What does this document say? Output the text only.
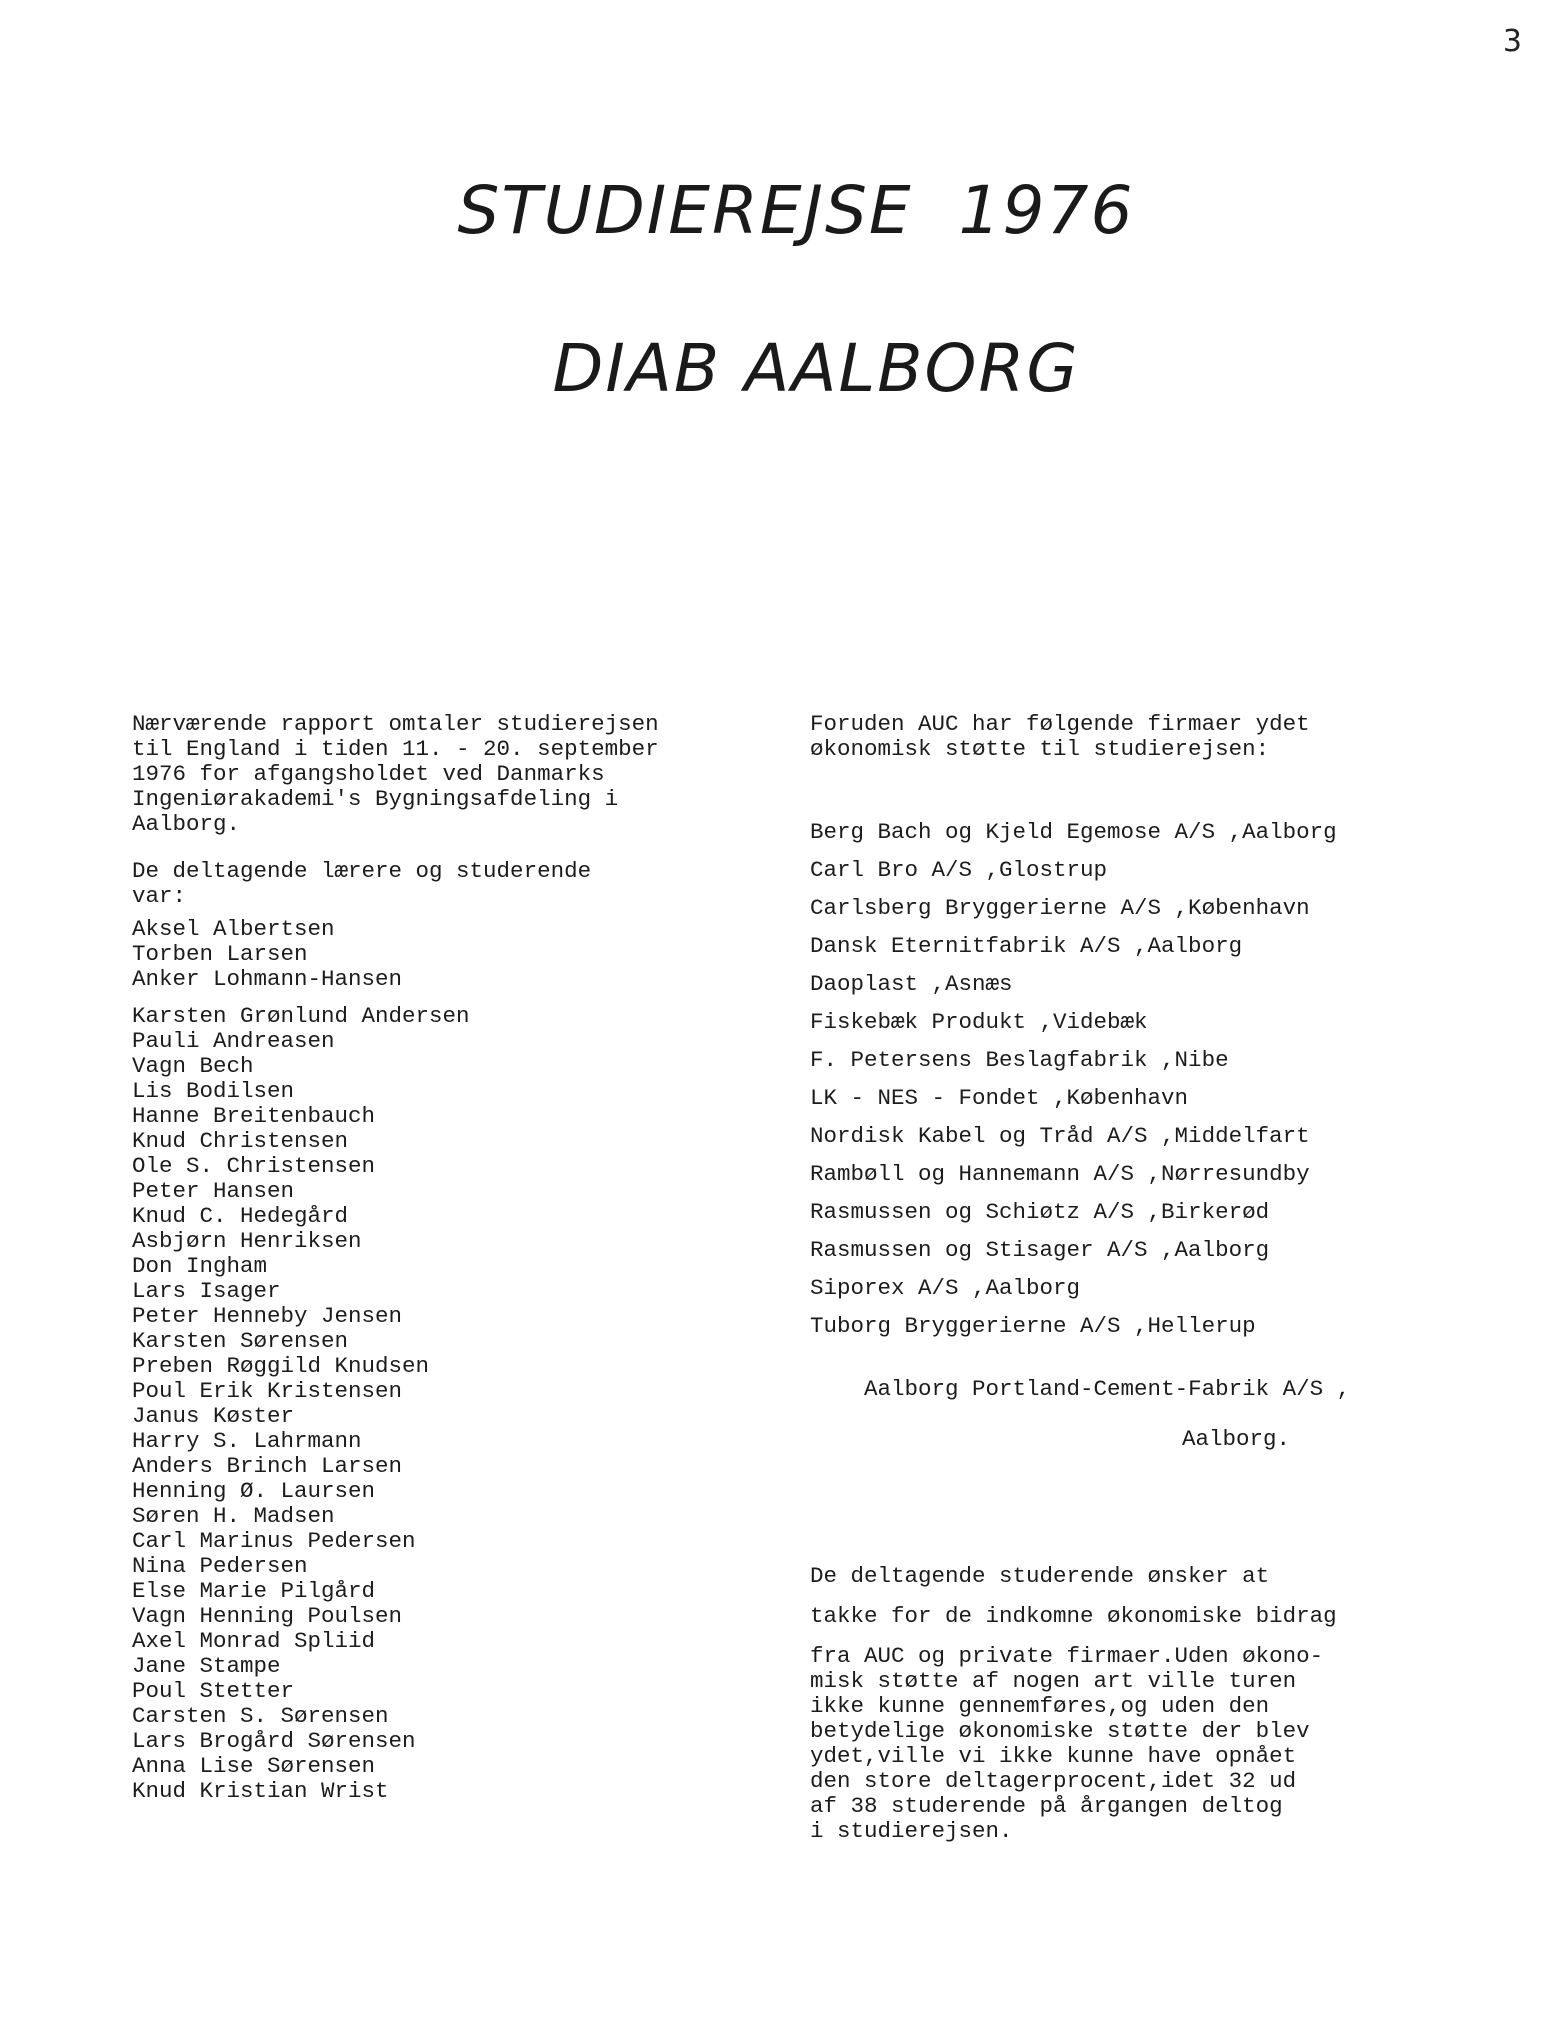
3
STUDIEREJSE  1976
DIAB AALBORG

Nærværende rapport omtaler studierejsen
til England i tiden 11. - 20. september
1976 for afgangsholdet ved Danmarks
Ingeniørakademi's Bygningsafdeling i
Aalborg.

De deltagende lærere og studerende
var:

Aksel Albertsen
Torben Larsen
Anker Lohmann-Hansen
Karsten Grønlund Andersen
Pauli Andreasen
Vagn Bech
Lis Bodilsen
Hanne Breitenbauch
Knud Christensen
Ole S. Christensen
Peter Hansen
Knud C. Hedegård
Asbjørn Henriksen
Don Ingham
Lars Isager
Peter Henneby Jensen
Karsten Sørensen
Preben Røggild Knudsen
Poul Erik Kristensen
Janus Køster
Harry S. Lahrmann
Anders Brinch Larsen
Henning Ø. Laursen
Søren H. Madsen
Carl Marinus Pedersen
Nina Pedersen
Else Marie Pilgård
Vagn Henning Poulsen
Axel Monrad Spliid
Jane Stampe
Poul Stetter
Carsten S. Sørensen
Lars Brogård Sørensen
Anna Lise Sørensen
Knud Kristian Wrist

Foruden AUC har følgende firmaer ydet
økonomisk støtte til studierejsen:

Berg Bach og Kjeld Egemose A/S ,Aalborg
Carl Bro A/S ,Glostrup
Carlsberg Bryggerierne A/S ,København
Dansk Eternitfabrik A/S ,Aalborg
Daoplast ,Asnæs
Fiskebæk Produkt ,Videbæk
F. Petersens Beslagfabrik ,Nibe
LK - NES - Fondet ,København
Nordisk Kabel og Tråd A/S ,Middelfart
Rambøll og Hannemann A/S ,Nørresundby
Rasmussen og Schiøtz A/S ,Birkerød
Rasmussen og Stisager A/S ,Aalborg
Siporex A/S ,Aalborg
Tuborg Bryggerierne A/S ,Hellerup

Aalborg Portland-Cement-Fabrik A/S ,

Aalborg.

De deltagende studerende ønsker at
takke for de indkomne økonomiske bidrag

fra AUC og private firmaer.Uden økono-
misk støtte af nogen art ville turen
ikke kunne gennemføres,og uden den
betydelige økonomiske støtte der blev
ydet,ville vi ikke kunne have opnået
den store deltagerprocent,idet 32 ud
af 38 studerende på årgangen deltog
i studierejsen.
